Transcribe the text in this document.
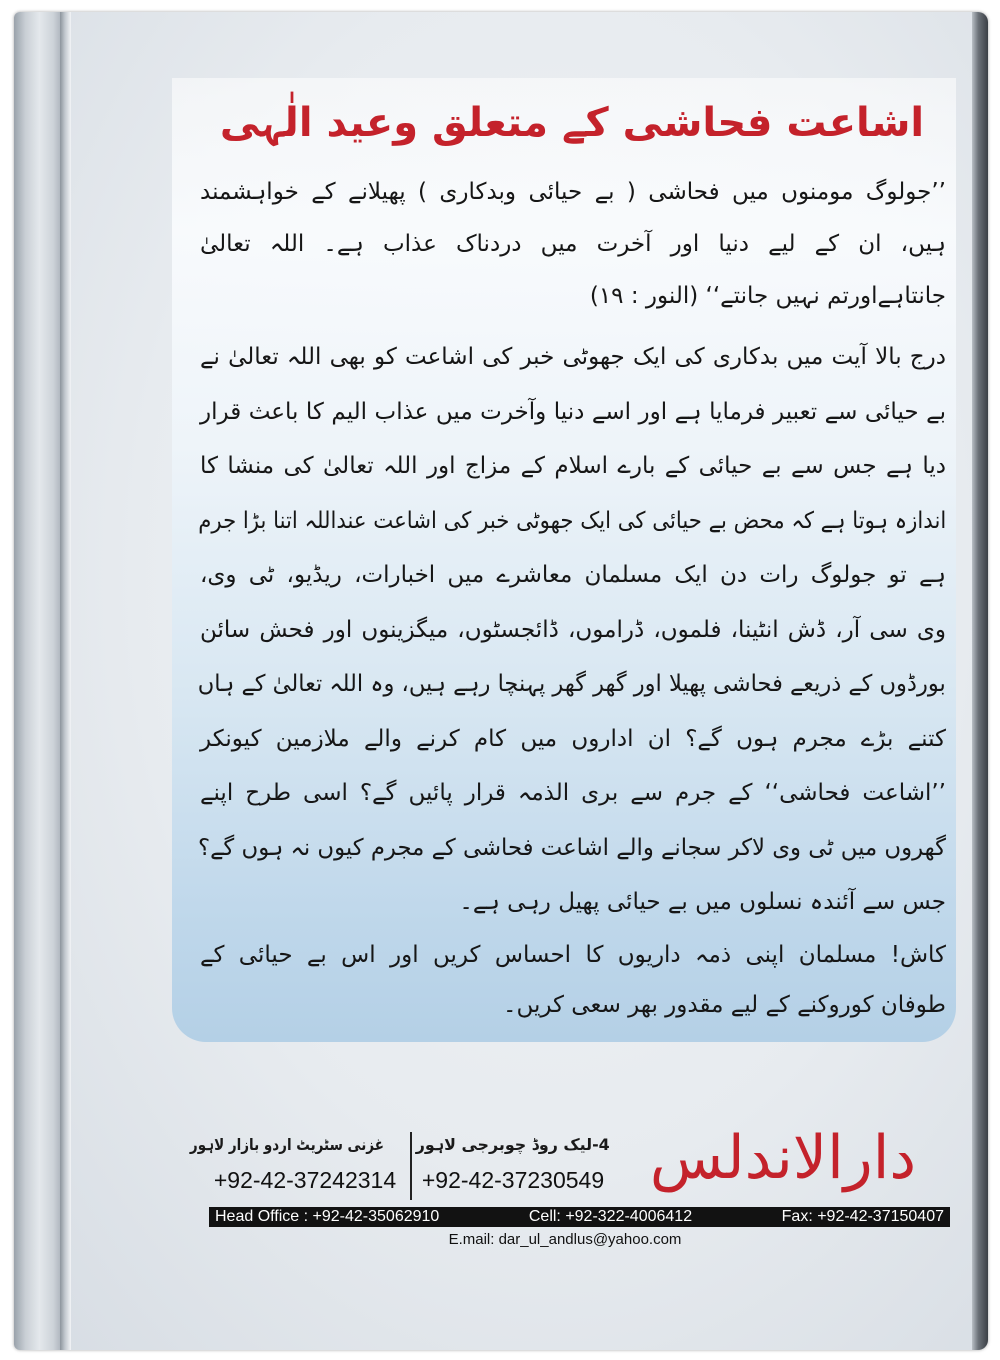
اشاعت فحاشی کے متعلق وعید الٰہی
’’جولوگ مومنوں میں فحاشی ( بے حیائی وبدکاری ) پھیلانے کے خواہشمند
ہیں، ان کے لیے دنیا اور آخرت میں دردناک عذاب ہے۔ اللہ تعالیٰ
جانتاہےاورتم نہیں جانتے‘‘ (النور : ۱۹)
درج بالا آیت میں بدکاری کی ایک جھوٹی خبر کی اشاعت کو بھی اللہ تعالیٰ نے
بے حیائی سے تعبیر فرمایا ہے اور اسے دنیا وآخرت میں عذاب الیم کا باعث قرار
دیا ہے جس سے بے حیائی کے بارے اسلام کے مزاج اور اللہ تعالیٰ کی منشا کا
اندازہ ہوتا ہے کہ محض بے حیائی کی ایک جھوٹی خبر کی اشاعت عنداللہ اتنا بڑا جرم
ہے تو جولوگ رات دن ایک مسلمان معاشرے میں اخبارات، ریڈیو، ٹی وی،
وی سی آر، ڈش انٹینا، فلموں، ڈراموں، ڈائجسٹوں، میگزینوں اور فحش سائن
بورڈوں کے ذریعے فحاشی پھیلا اور گھر گھر پہنچا رہے ہیں، وہ اللہ تعالیٰ کے ہاں
کتنے بڑے مجرم ہوں گے؟ ان اداروں میں کام کرنے والے ملازمین کیونکر
’’اشاعت فحاشی‘‘ کے جرم سے بری الذمہ قرار پائیں گے؟ اسی طرح اپنے
گھروں میں ٹی وی لاکر سجانے والے اشاعت فحاشی کے مجرم کیوں نہ ہوں گے؟
جس سے آئندہ نسلوں میں بے حیائی پھیل رہی ہے۔
کاش! مسلمان اپنی ذمہ داریوں کا احساس کریں اور اس بے حیائی کے
طوفان کوروکنے کے لیے مقدور بھر سعی کریں۔
دارالاندلس
4-لیک روڈ چوبرجی لاہور
+92-42-37230549
غزنی سٹریٹ اردو بازار لاہور
+92-42-37242314
Head Office : +92-42-35062910	Cell: +92-322-4006412	Fax: +92-42-37150407
E.mail: dar_ul_andlus@yahoo.com
